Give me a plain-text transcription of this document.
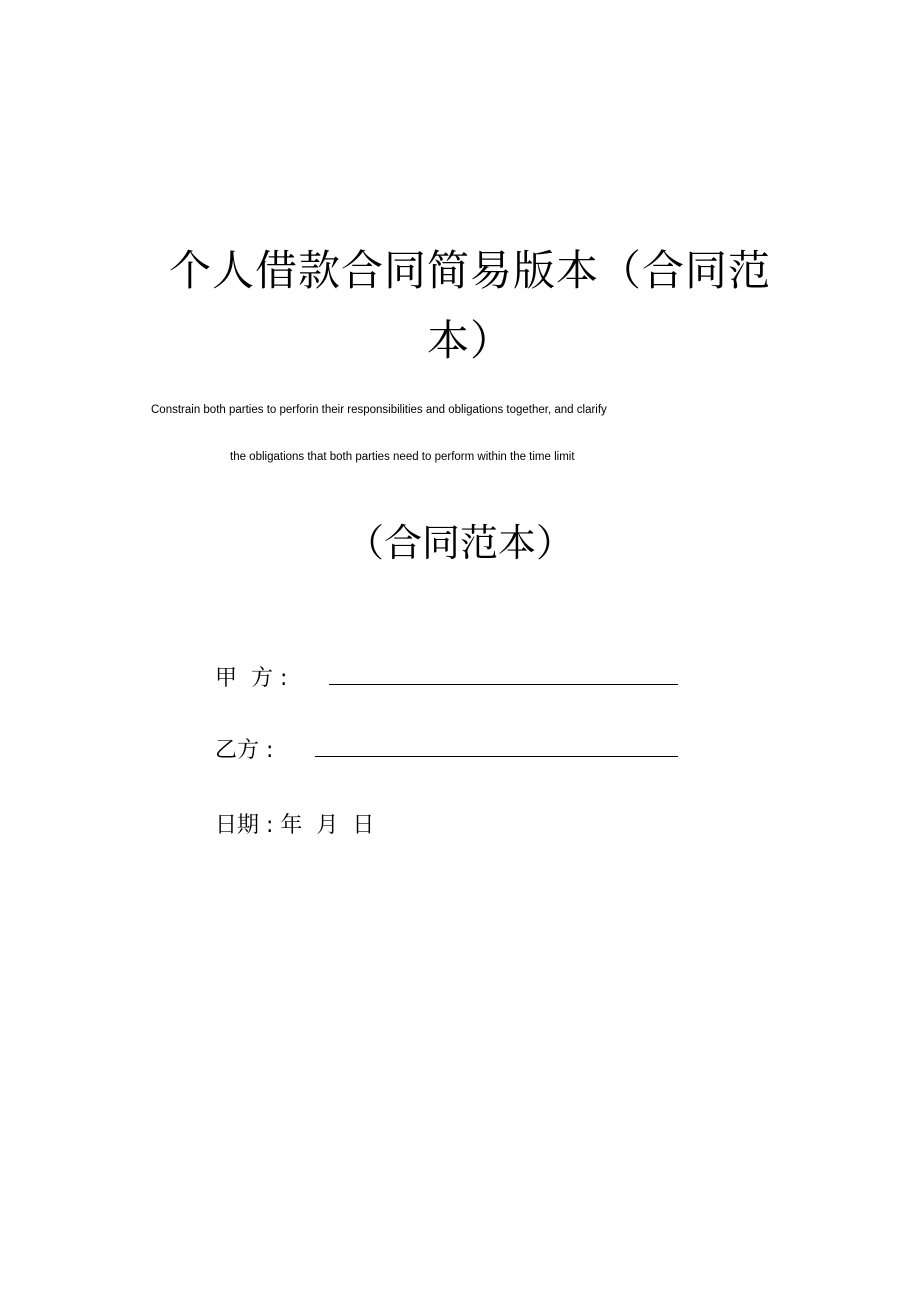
个人借款合同简易版本（合同范本）

Constrain both parties to perforin their responsibilities and obligations together, and clarify

the obligations that both parties need to perform within the time limit

（合同范本）
甲  方 :
乙方 :
日期 : 年  月  日
